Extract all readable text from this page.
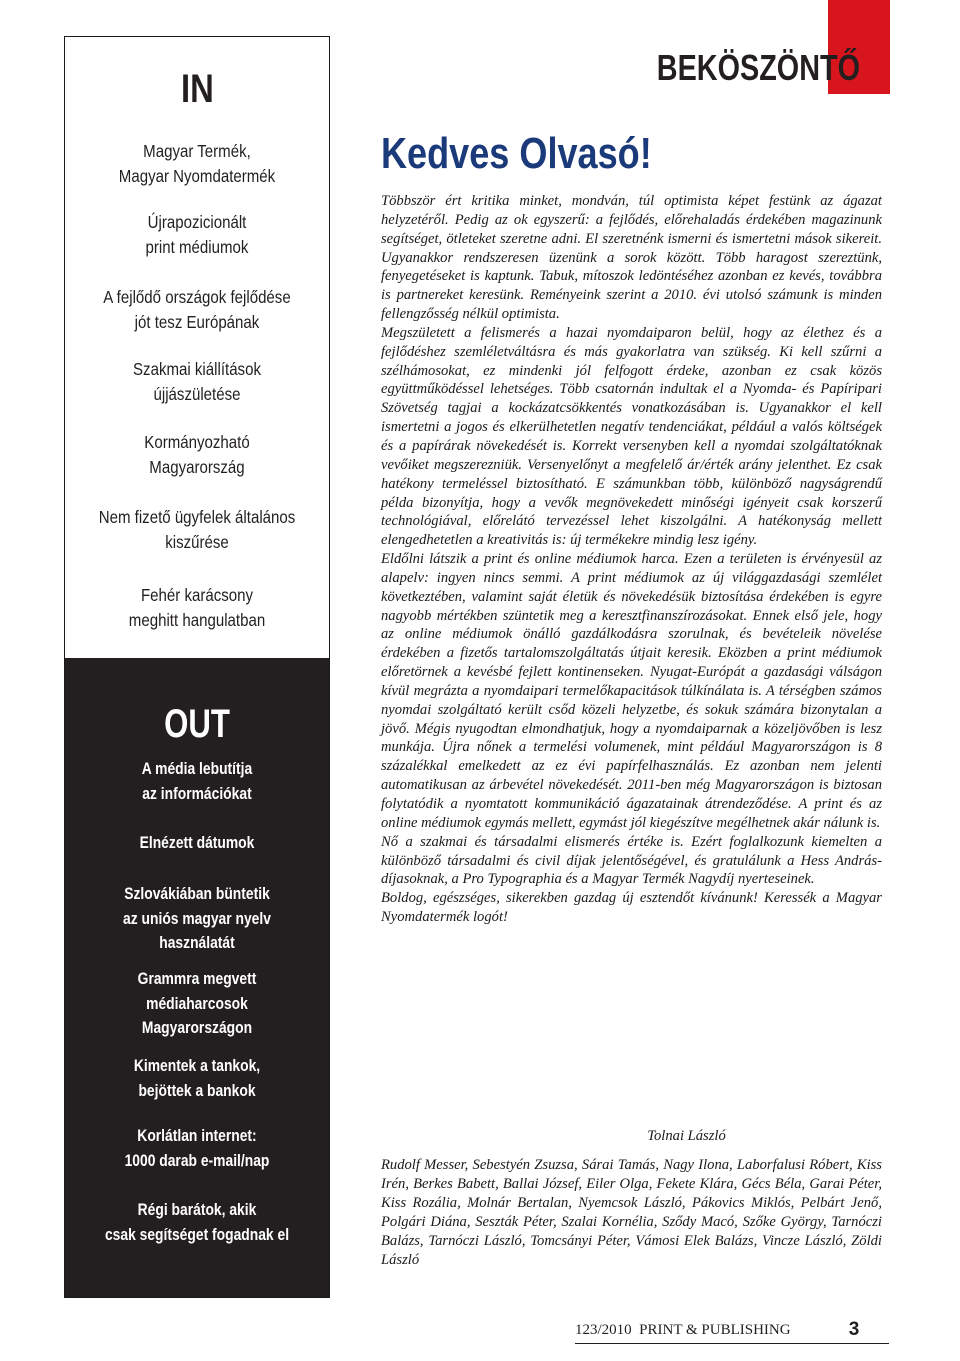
IN
Magyar Termék,
Magyar Nyomdatermék
Újrapozicionált
print médiumok
A fejlődő országok fejlődése
jót tesz Európának
Szakmai kiállítások
újjászületése
Kormányozható
Magyarország
Nem fizető ügyfelek általános
kiszűrése
Fehér karácsony
meghitt hangulatban
OUT
A média lebutítja
az információkat
Elnézett dátumok
Szlovákiában büntetik
az uniós magyar nyelv
használatát
Grammra megvett
médiaharcosok
Magyarországon
Kimentek a tankok,
bejöttek a bankok
Korlátlan internet:
1000 darab e-mail/nap
Régi barátok, akik
csak segítséget fogadnak el
BEKÖSZÖNTŐ
Kedves Olvasó!

Többször ért kritika minket, mondván, túl optimista képet festünk az ágazat helyzetéről. Pedig az ok egyszerű: a fejlődés, előrehaladás érdekében magazinunk segítséget, ötleteket szeretne adni. El szeretnénk ismerni és ismertetni mások sikereit. Ugyanakkor rendszeresen üzenünk a sorok között. Több haragost szereztünk, fenyegetéseket is kaptunk. Tabuk, mítoszok ledöntéséhez azonban ez kevés, továbbra is partnereket keresünk. Reményeink szerint a 2010. évi utolsó számunk is minden fellengzősség nélkül optimista.

Megszületett a felismerés a hazai nyomdaiparon belül, hogy az élethez és a fejlődéshez szemléletváltásra és más gyakorlatra van szükség. Ki kell szűrni a szélhámosokat, ez mindenki jól felfogott érdeke, azonban ez csak közös együttműködéssel lehetséges. Több csatornán indultak el a Nyomda- és Papíripari Szövetség tagjai a kockázatcsökkentés vonatkozásában is. Ugyanakkor el kell ismertetni a jogos és elkerülhetetlen negatív tendenciákat, például a valós költségek és a papírárak növekedését is. Korrekt versenyben kell a nyomdai szolgáltatóknak vevőiket megszerezniük. Versenyelőnyt a megfelelő ár/érték arány jelenthet. Ez csak hatékony termeléssel biztosítható. E számunkban több, különböző nagyságrendű példa bizonyítja, hogy a vevők megnövekedett minőségi igényeit csak korszerű technológiával, előrelátó tervezéssel lehet kiszolgálni. A hatékonyság mellett elengedhetetlen a kreativitás is: új termékekre mindig lesz igény.

Eldőlni látszik a print és online médiumok harca. Ezen a területen is érvényesül az alapelv: ingyen nincs semmi. A print médiumok az új világgazdasági szemlélet következtében, valamint saját életük és növekedésük biztosítása érdekében is egyre nagyobb mértékben szüntetik meg a keresztfinanszírozásokat. Ennek első jele, hogy az online médiumok önálló gazdálkodásra szorulnak, és bevételeik növelése érdekében a fizetős tartalomszolgáltatás útjait keresik. Eközben a print médiumok előretörnek a kevésbé fejlett kontinenseken. Nyugat-Európát a gazdasági válságon kívül megrázta a nyomdaipari termelőkapacitások túlkínálata is. A térségben számos nyomdai szolgáltató került csőd közeli helyzetbe, és sokuk számára bizonytalan a jövő. Mégis nyugodtan elmondhatjuk, hogy a nyomdaiparnak a közeljövőben is lesz munkája. Újra nőnek a termelési volumenek, mint például Magyarországon is 8 százalékkal emelkedett az ez évi papírfelhasználás. Ez azonban nem jelenti automatikusan az árbevétel növekedését. 2011-ben még Magyarországon is biztosan folytatódik a nyomtatott kommunikáció ágazatainak átrendeződése. A print és az online médiumok egymás mellett, egymást jól kiegészítve megélhetnek akár nálunk is.

Nő a szakmai és társadalmi elismerés értéke is. Ezért foglalkozunk kiemelten a különböző társadalmi és civil díjak jelentőségével, és gratulálunk a Hess András-díjasoknak, a Pro Typographia és a Magyar Termék Nagydíj nyerteseinek.

Boldog, egészséges, sikerekben gazdag új esztendőt kívánunk! Keressék a Magyar Nyomdatermék logót!

Tolnai László

Rudolf Messer, Sebestyén Zsuzsa, Sárai Tamás, Nagy Ilona, Laborfalusi Róbert, Kiss Irén, Berkes Babett, Ballai József, Eiler Olga, Fekete Klára, Gécs Béla, Garai Péter, Kiss Rozália, Molnár Bertalan, Nyemcsok László, Pákovics Miklós, Pelbárt Jenő, Polgári Diána, Seszták Péter, Szalai Kornélia, Sződy Macó, Szőke György, Tarnóczi Balázs, Tarnóczi László, Tomcsányi Péter, Vámosi Elek Balázs, Vincze László, Zöldi László

123/2010 PRINT & PUBLISHING	3
